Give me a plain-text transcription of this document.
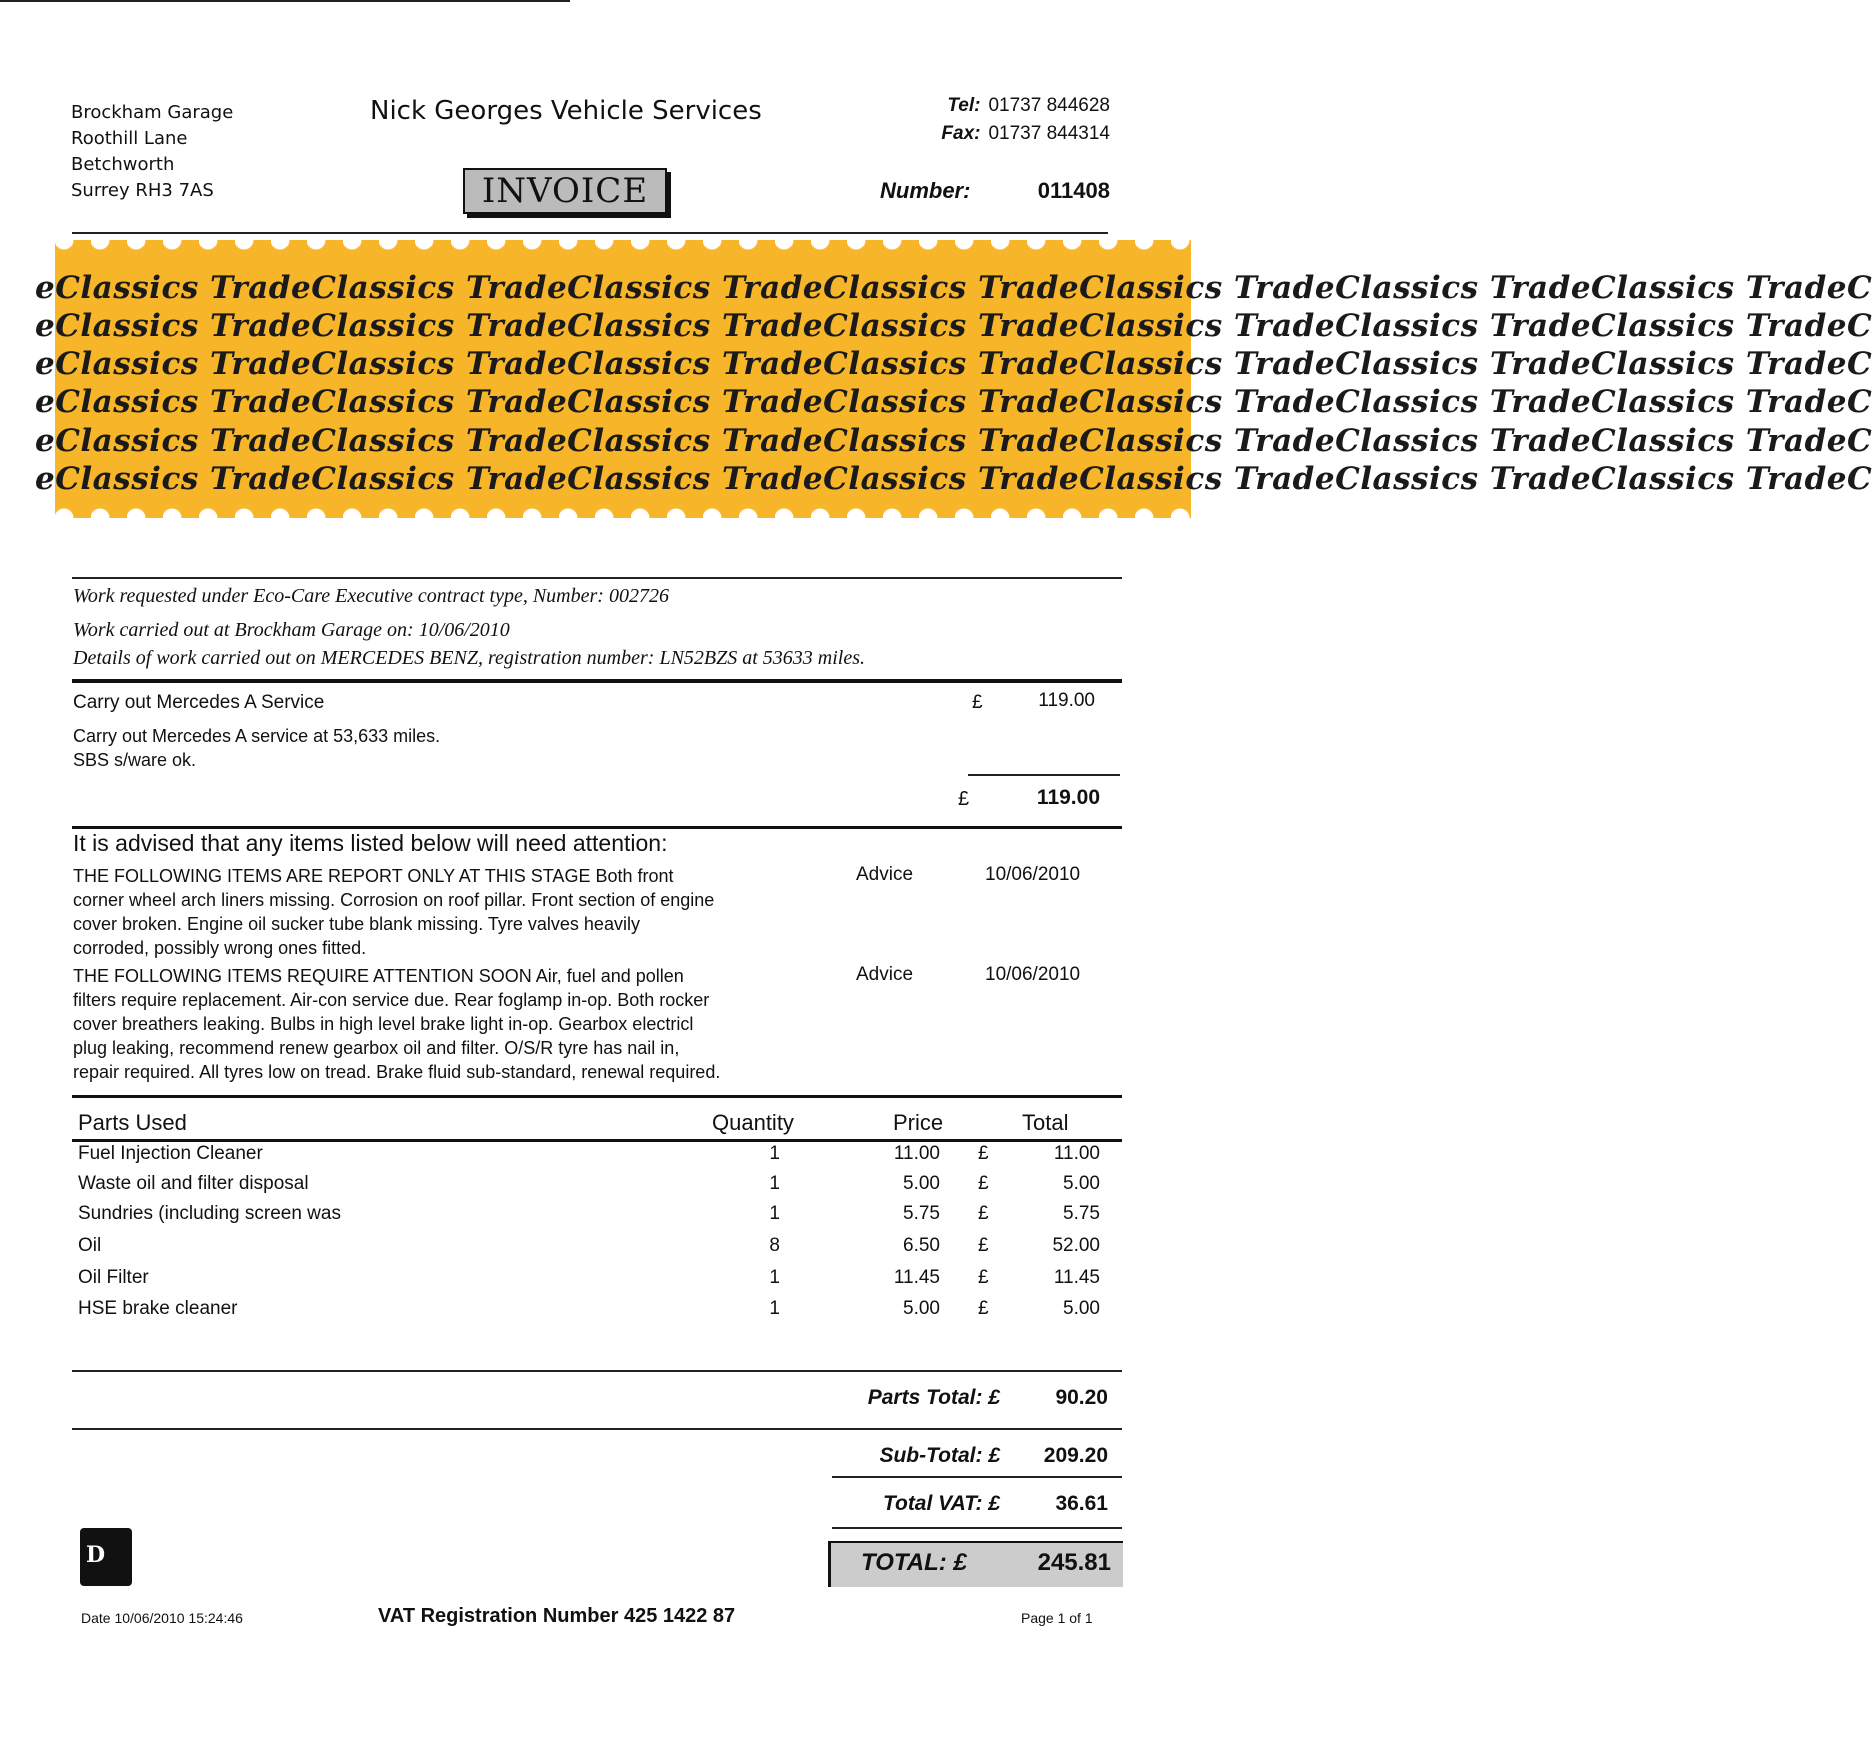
Brockham Garage
Roothill Lane
Betchworth
Surrey RH3 7AS
Nick Georges Vehicle Services
INVOICE
Tel: 01737 844628
Fax: 01737 844314
Number:	011408
eClassics TradeClassics TradeClassics TradeClassics TradeClassics TradeClassics TradeClassics TradeC
eClassics TradeClassics TradeClassics TradeClassics TradeClassics TradeClassics TradeClassics TradeC
eClassics TradeClassics TradeClassics TradeClassics TradeClassics TradeClassics TradeClassics TradeC
eClassics TradeClassics TradeClassics TradeClassics TradeClassics TradeClassics TradeClassics TradeC
eClassics TradeClassics TradeClassics TradeClassics TradeClassics TradeClassics TradeClassics TradeC
eClassics TradeClassics TradeClassics TradeClassics TradeClassics TradeClassics TradeClassics TradeC
Work requested under Eco-Care Executive contract type, Number: 002726
Work carried out at Brockham Garage on: 10/06/2010
Details of work carried out on MERCEDES BENZ, registration number: LN52BZS at 53633 miles.
Carry out Mercedes A Service	£	119.00
Carry out Mercedes A service at 53,633 miles.
SBS s/ware ok.
£	119.00
It is advised that any items listed below will need attention:
THE FOLLOWING ITEMS ARE REPORT ONLY AT THIS STAGE Both front
corner wheel arch liners missing. Corrosion on roof pillar. Front section of engine
cover broken. Engine oil sucker tube blank missing. Tyre valves heavily
corroded, possibly wrong ones fitted.
Advice	10/06/2010
THE FOLLOWING ITEMS REQUIRE ATTENTION SOON Air, fuel and pollen
filters require replacement. Air-con service due. Rear foglamp in-op. Both rocker
cover breathers leaking. Bulbs in high level brake light in-op. Gearbox electricl
plug leaking, recommend renew gearbox oil and filter. O/S/R tyre has nail in,
repair required. All tyres low on tread. Brake fluid sub-standard, renewal required.
Advice	10/06/2010
Parts Used	Quantity	Price	Total
Fuel Injection Cleaner	1	11.00 £	11.00
Waste oil and filter disposal	1	5.00 £	5.00
Sundries (including screen was	1	5.75 £	5.75
Oil	8	6.50 £	52.00
Oil Filter	1	11.45 £	11.45
HSE brake cleaner	1	5.00 £	5.00
Parts Total: £	90.20
Sub-Total: £ 209.20
Total VAT: £	36.61
TOTAL: £	245.81
D
Date 10/06/2010 15:24:46	VAT Registration Number 425 1422 87	Page 1 of 1
